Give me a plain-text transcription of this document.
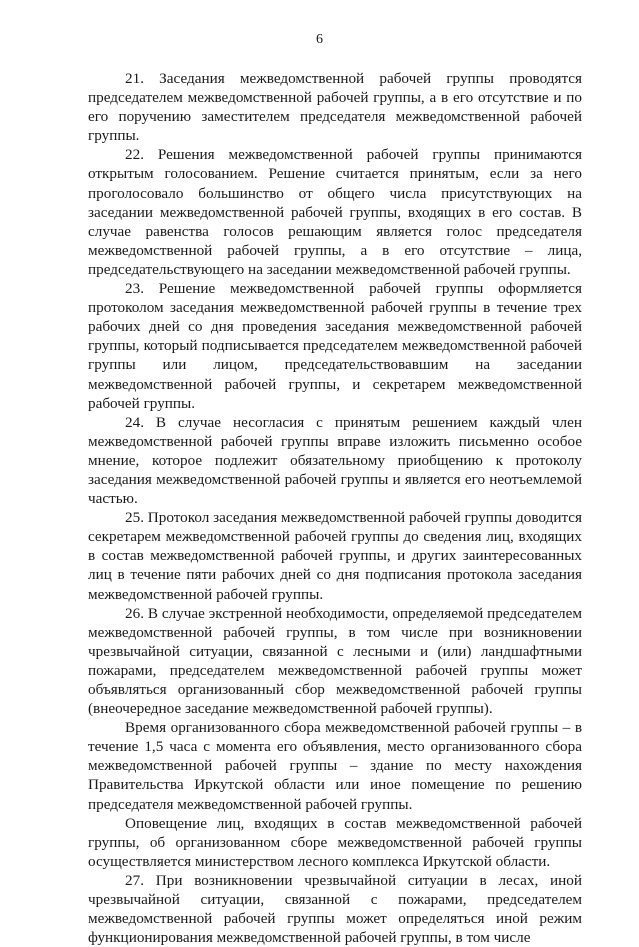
6

21. Заседания межведомственной рабочей группы проводятся председателем межведомственной рабочей группы, а в его отсутствие и по его поручению заместителем председателя межведомственной рабочей группы.

22. Решения межведомственной рабочей группы принимаются открытым голосованием. Решение считается принятым, если за него проголосовало большинство от общего числа присутствующих на заседании межведомственной рабочей группы, входящих в его состав. В случае равенства голосов решающим является голос председателя межведомственной рабочей группы, а в его отсутствие – лица, председательствующего на заседании межведомственной рабочей группы.

23. Решение межведомственной рабочей группы оформляется протоколом заседания межведомственной рабочей группы в течение трех рабочих дней со дня проведения заседания межведомственной рабочей группы, который подписывается председателем межведомственной рабочей группы или лицом, председательствовавшим на заседании межведомственной рабочей группы, и секретарем межведомственной рабочей группы.

24. В случае несогласия с принятым решением каждый член межведомственной рабочей группы вправе изложить письменно особое мнение, которое подлежит обязательному приобщению к протоколу заседания межведомственной рабочей группы и является его неотъемлемой частью.

25. Протокол заседания межведомственной рабочей группы доводится секретарем межведомственной рабочей группы до сведения лиц, входящих в состав межведомственной рабочей группы, и других заинтересованных лиц в течение пяти рабочих дней со дня подписания протокола заседания межведомственной рабочей группы.

26. В случае экстренной необходимости, определяемой председателем межведомственной рабочей группы, в том числе при возникновении чрезвычайной ситуации, связанной с лесными и (или) ландшафтными пожарами, председателем межведомственной рабочей группы может объявляться организованный сбор межведомственной рабочей группы (внеочередное заседание межведомственной рабочей группы).

Время организованного сбора межведомственной рабочей группы – в течение 1,5 часа с момента его объявления, место организованного сбора межведомственной рабочей группы – здание по месту нахождения Правительства Иркутской области или иное помещение по решению председателя межведомственной рабочей группы.

Оповещение лиц, входящих в состав межведомственной рабочей группы, об организованном сборе межведомственной рабочей группы осуществляется министерством лесного комплекса Иркутской области.

27. При возникновении чрезвычайной ситуации в лесах, иной чрезвычайной ситуации, связанной с пожарами, председателем межведомственной рабочей группы может определяться иной режим функционирования межведомственной рабочей группы, в том числе
